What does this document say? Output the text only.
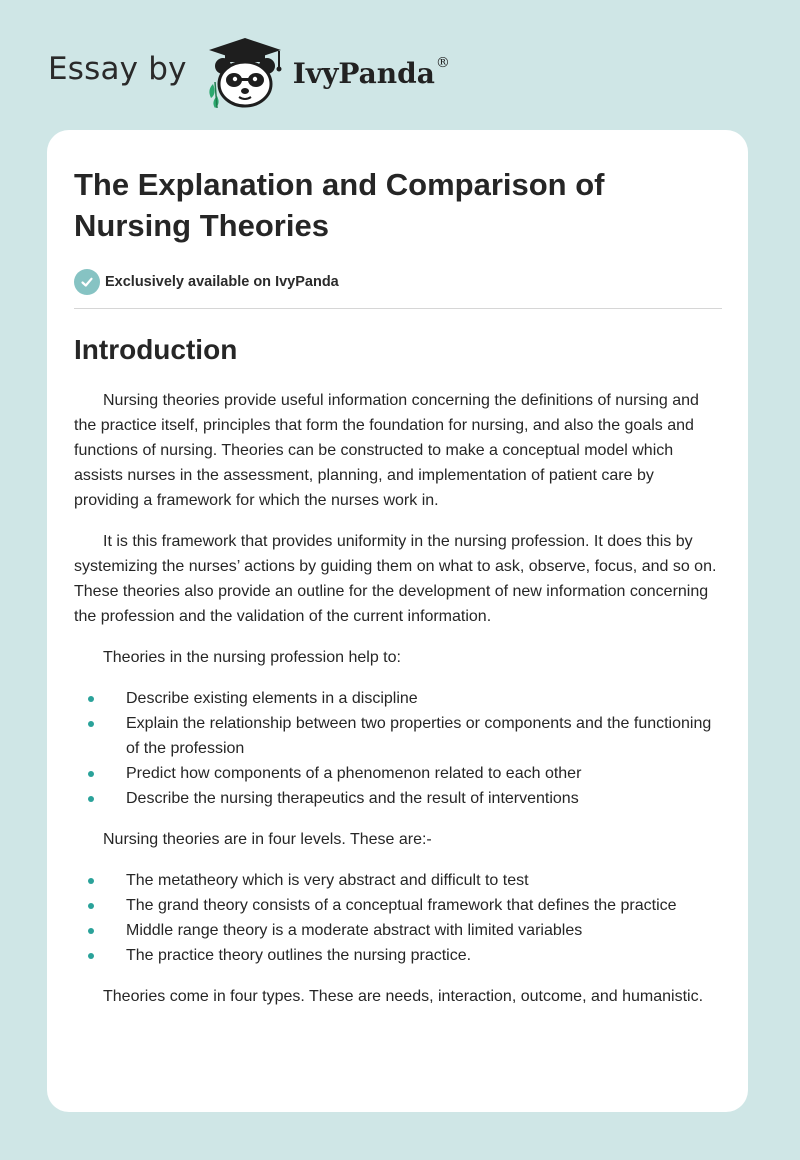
Essay by	IvyPanda®
The Explanation and Comparison of Nursing Theories
Exclusively available on IvyPanda
Introduction

Nursing theories provide useful information concerning the definitions of nursing and the practice itself, principles that form the foundation for nursing, and also the goals and functions of nursing. Theories can be constructed to make a conceptual model which assists nurses in the assessment, planning, and implementation of patient care by providing a framework for which the nurses work in.

It is this framework that provides uniformity in the nursing profession. It does this by systemizing the nurses’ actions by guiding them on what to ask, observe, focus, and so on. These theories also provide an outline for the development of new information concerning the profession and the validation of the current information.

Theories in the nursing profession help to:

Describe existing elements in a discipline
Explain the relationship between two properties or components and the functioning of the profession
Predict how components of a phenomenon related to each other
Describe the nursing therapeutics and the result of interventions

Nursing theories are in four levels. These are:-

The metatheory which is very abstract and difficult to test
The grand theory consists of a conceptual framework that defines the practice
Middle range theory is a moderate abstract with limited variables
The practice theory outlines the nursing practice.

Theories come in four types. These are needs, interaction, outcome, and humanistic.
